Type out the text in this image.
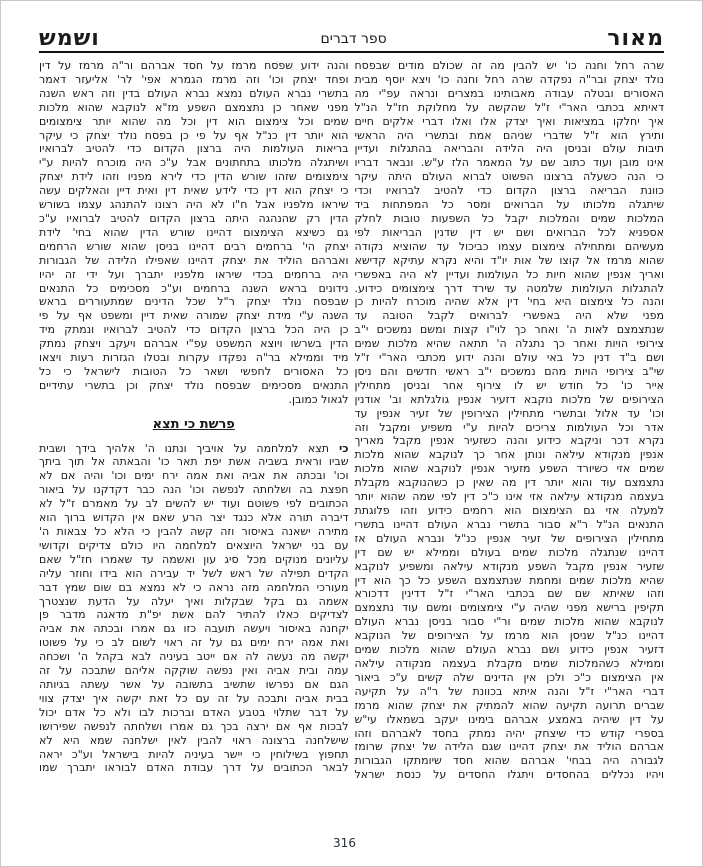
מאור
ספר דברים
ושמש
שרה רחל וחנה כו' יש להבין מה זה שכולם מודים שבפסח
נולד יצחק ובר"ה נפקדה שרה רחל וחנה כו' ויצא יוסף מבית
האסורים ובטלה עבודה מאבותינו במצרים ונראה עפ"י מה
דאיתא בכתבי האר"י ז"ל שהקשה על מחלוקת חז"ל הנ"ל
איך יחלקו במציאות ואיך יצדק אלו ואלו דברי אלקים חיים
ותירץ הוא ז"ל שדברי שניהם אמת ובתשרי היה הראשי
תיבות עולם ובניסן היה הלידה והבריאה בהתגלות ועדיין
אינו מובן ועוד כתוב שם על המאמר הלז ע"ש. ונבאר דבריו
כי הנה כשעלה ברצונו הפשוט לברוא העולם היתה עיקר
כוונת הבריאה ברצון הקדום כדי להטיב לברואיו וכדי
שיתגלה מלכותו על הברואים ומסר כל המפתחות ביד
המלכות שמים והמלכות יקבל כל השפעות טובות לחלק
אספניא לכל הברואים ושם יש דין שדנין הבריאות לפי
מעשיהם ומתחילה צימצום עצמו כביכול עד שהוציא נקודה
שהוא מרמז אל קוצו של אות יו"ד והיא נקרא עתיקא קדישא
ואריך אנפין שהוא חיות כל העולמות ועדיין לא היה באפשרי
להתגלות העולמות שלמטה עד שירד דרך צימצומים כידוע.
והנה כל צימצום היא בחי' דין אלא שהיה מוכרח להיות כן
מפני שלא היה באפשרי לברואים לקבל הטובה עד
שנתצמצם לאות ה' ואחר כך לוי"ו קצות ומשם נמשכים י"ב
צירופי הויות ואחר כך נתגלה ה' תתאה שהיא מלכות שמים
ושם ב"ד דנין כל באי עולם והנה ידוע מכתבי האר"י ז"ל
שי"ב צירופי הויות מהם נמשכים י"ב ראשי חדשים והם ניסן
אייר כו' כל חודש יש לו צירוף אחר ובניסן מתחילין
הצירופים של מלכות נוקבא דזעיר אנפין גולגלתא וב' אודנין
וכו' עד אלול ובתשרי מתחילין הצירופין של זעיר אנפין עד
אדר וכל העולמות צריכים להיות ע"י משפיע ומקבל וזה
נקרא דכר וניקבא כידוע והנה כשזעיר אנפין מקבל מאריך
אנפין מנקודא עילאה ונותן אחר כך לנוקבא שהוא מלכות
שמים אזי כשיורד השפע מזעיר אנפין לנוקבא שהוא מלכות
נתצמצם עוד והוא יותר דין מה שאין כן כשהנוקבא מקבלת
בעצמה מנקודא עילאה אזי אינו כ"כ דין לפי שמה שהוא יותר
למעלה אזי גם הצימצום הוא רחמים כידוע וזהו פלוגתת
התנאים הנ"ל ר"א סבור בתשרי נברא העולם דהיינו בתשרי
מתחילין הצירופים של זעיר אנפין כנ"ל ונברא העולם אז
דהיינו שנתגלה מלכות שמים בעולם וממילא יש שם דין
שזעיר אנפין מקבל השפע מנקודא עילאה ומשפיע לנוקבא
שהיא מלכות שמים ומחמת שנתצמצם השפע כל כך הוא דין
וזהו שאיתא שם שם בכתבי האר"י ז"ל דדינין דדכורא
תקיפין ברישא מפני שהיה ע"י צימצומים ומשם עוד נתצמצם
לנוקבא שהוא מלכות שמים ור"י סבור בניסן נברא העולם
דהיינו כנ"ל שניסן הוא מרמז על הצירופים של הנוקבא
דזעיר אנפין כידוע ושם נברא העולם שהוא מלכות שמים
וממילא כשהמלכות שמים מקבלת בעצמה מנקודה עילאה
אין הצימצום כ"כ ולכן אין הדינים שלה קשים ע"כ ביאור
דברי האר"י ז"ל והנה איתא בכוונת של ר"ה על תקיעה
שברים תרועה תקיעה שהוא להמתיק את יצחק שהוא מרמז
על דין שיהיה באמצע אברהם בימינו יעקב בשמאלו עי"ש
בספרי קודש כדי שיצחק יהיה נמתק בחסד לאברהם וזהו
אברהם הוליד את יצחק דהיינו שגם הלידה של יצחק שרומז
לגבורה היה בבחי' אברהם שהוא חסד שיומתקו הגבורות
ויהיו נכללים בהחסדים ויתגלו החסדים על כנסת ישראל
והנה ידוע שפסח מרמז על חסד אברהם ור"ה מרמז על דין
ופחד יצחק וכו' וזה מרמז הגמרא אפי' לר' אליעזר דאמר
בתשרי נברא העולם נמצא נברא העולם בדין וזה ראש השנה
מפני שאחר כן נתצמצם השפע מז"א לנוקבא שהוא מלכות
שמים וכל צימצום הוא דין וכל מה שהוא יותר צימצומים
הוא יותר דין כנ"ל אף על פי כן בפסח נולד יצחק כי עיקר
בריאות העולמות היה ברצון הקדום כדי להטיב לברואיו
ושיתגלה מלכותו בתחתונים אבל ע"כ היה מוכרח להיות ע"י
צימצומים שזהו שורש הדין כדי לירא מפניו וזהו לידת יצחק
כי יצחק הוא דין כדי לידע שאית דין ואית דיין והאלקים עשה
שיראו מלפניו אבל ח"ו לא היה רצונו להתנהג עצמו בשורש
הדין רק שהנהגה היתה ברצון הקדום להטיב לברואיו ע"כ
גם כשיצא הצימצום דהיינו שורש הדין שהוא בחי' לידת
יצחק הי' ברחמים רבים דהיינו בניסן שהוא שורש הרחמים
ואברהם הוליד את יצחק דהיינו שאפילו הלידה של הגבורות
היה ברחמים בכדי שיראו מלפניו יתברך ועל ידי זה יהיו
נידונים בראש השנה ברחמים וע"כ מסכימים כל התנאים
שבפסח נולד יצחק ר"ל שכל הדינים שמתעוררים בראש
השנה ע"י מידת יצחק שמורה שאית דיין ומשפט אף על פי
כן היה הכל ברצון הקדום כדי להטיב לברואיו ונמתק מיד
הדין בשרשו ויוצא המשפט עפ"י אברהם ויעקב ויצחק נמתק
מיד וממילא בר"ה נפקדו עקרות ובטלו הגזרות רעות ויצאו
כל האסורים לחפשי ושאר כל הטובות לישראל כי כל
התנאים מסכימים שבפסח נולד יצחק וכן בתשרי עתידיים
לגאול כמובן.
פרשת כי תצא
כי תצא למלחמה על אויביך ונתנו ה' אלהיך בידך ושבית
שביו וראית בשביה אשת יפת תאר כו' והבאתה אל תוך ביתך
וכו' ובכתה את אביה ואת אמה ירח ימים וכו' והיה אם לא
חפצת בה ושלחתה לנפשה וכו' הנה כבר דקדקנו על ביאור
הכתובים לפי פשוטם ועוד יש להשים לב על מאמרם ז"ל לא
דיברה תורה אלא כנגד יצר הרע שאם אין הקדוש ברוך הוא
מתירה ישאנה באיסור וזה קשה להבין כי הלא כל צבאות ה'
עם בני ישראל היוצאים למלחמה היו כולם צדיקים וקדושי
עליונים מנוקים מכל סיג עון ואשמה עד שאמרו חז"ל שאם
הקדים תפילה של ראש לשל יד עבירה הוא בידו וחוזר עליה
מעורכי המלחמה מזה נראה כי לא נמצא בם שום שמץ דבר
אשמה גם בקל שבקלות ואיך יעלה על הדעת שנצטרך
לצדיקים כאלו להתיר להם אשת יפ"ת מדאגה מדבר פן
יקחנה באיסור ויעשה תועבה כזו גם אמרו ובכתה את אביה
ואת אמה ירח ימים גם על זה ראוי לשום לב כי על פשוטו
יקשה מה נעשה לה אם ייטב בעיניה לבא בקהל ה' ושכחה
עמה ובית אביה ואין נפשה שוקקה אליהם שתבכה על זה
הגם אם נפרשו שתשיב בתשובה על אשר עשתה בגיותה
בבית אביה ותבכה על זה עם כל זאת יקשה איך יצדק צווי
על דבר שתלוי בטבע האדם וברכות לבו ולא כל אדם יכול
לבכות אף אם ירצה בכך גם אמרו ושלחתה לנפשה שפירושו
שישלחנה ברצונה ראוי להבין לאין ישלחנה שמא היא לא
תחפוץ בשילוחין כי יישר בעיניה להיות בישראל וע"כ יראה
לבאר הכתובים על דרך עבודת האדם לבוראו יתברך שמו
316
